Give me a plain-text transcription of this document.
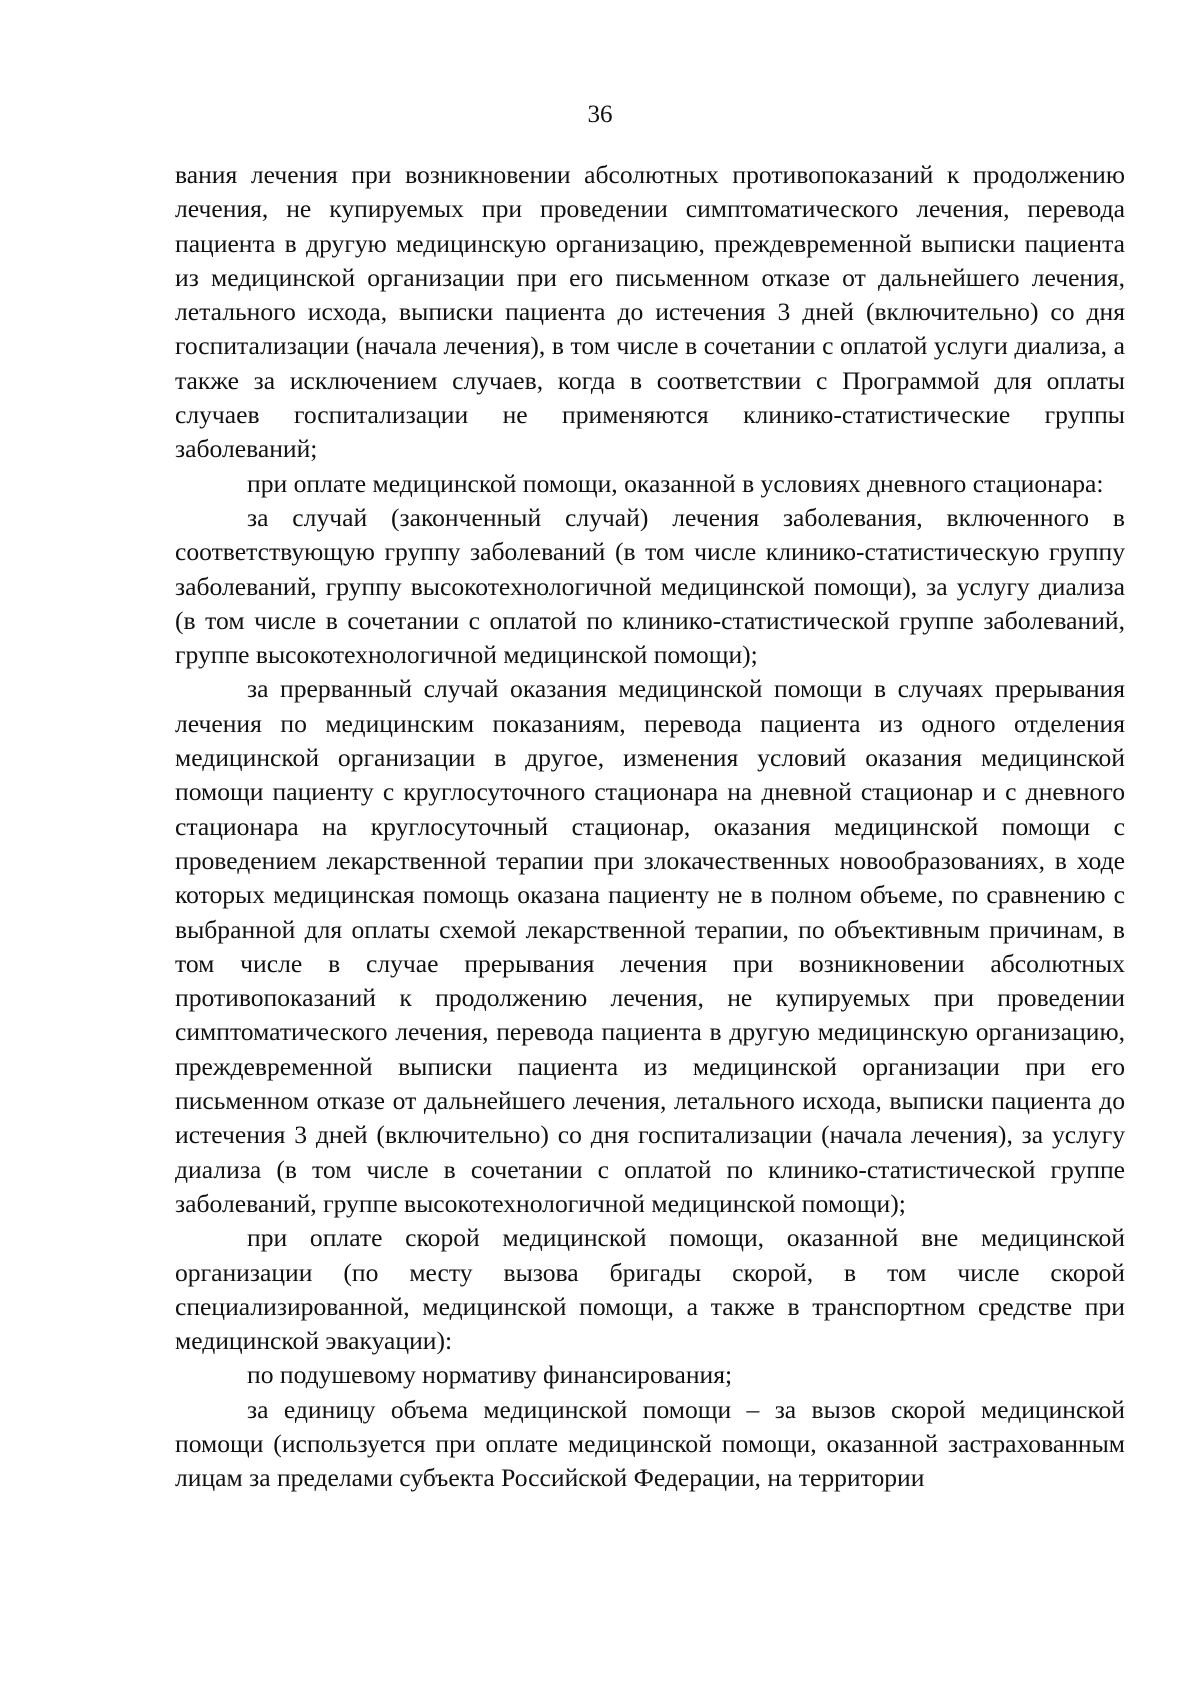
36

вания лечения при возникновении абсолютных противопоказаний к продолжению лечения, не купируемых при проведении симптоматического лечения, перевода пациента в другую медицинскую организацию, преждевременной выписки пациента из медицинской организации при его письменном отказе от дальнейшего лечения, летального исхода, выписки пациента до истечения 3 дней (включительно) со дня госпитализации (начала лечения), в том числе в сочетании с оплатой услуги диализа, а также за исключением случаев, когда в соответствии с Программой для оплаты случаев госпитализации не применяются клинико-статистические группы заболеваний;

при оплате медицинской помощи, оказанной в условиях дневного стационара:

за случай (законченный случай) лечения заболевания, включенного в соответствующую группу заболеваний (в том числе клинико-статистическую группу заболеваний, группу высокотехнологичной медицинской помощи), за услугу диализа (в том числе в сочетании с оплатой по клинико-статистической группе заболеваний, группе высокотехнологичной медицинской помощи);

за прерванный случай оказания медицинской помощи в случаях прерывания лечения по медицинским показаниям, перевода пациента из одного отделения медицинской организации в другое, изменения условий оказания медицинской помощи пациенту с круглосуточного стационара на дневной стационар и с дневного стационара на круглосуточный стационар, оказания медицинской помощи с проведением лекарственной терапии при злокачественных новообразованиях, в ходе которых медицинская помощь оказана пациенту не в полном объеме, по сравнению с выбранной для оплаты схемой лекарственной терапии, по объективным причинам, в том числе в случае прерывания лечения при возникновении абсолютных противопоказаний к продолжению лечения, не купируемых при проведении симптоматического лечения, перевода пациента в другую медицинскую организацию, преждевременной выписки пациента из медицинской организации при его письменном отказе от дальнейшего лечения, летального исхода, выписки пациента до истечения 3 дней (включительно) со дня госпитализации (начала лечения), за услугу диализа (в том числе в сочетании с оплатой по клинико-статистической группе заболеваний, группе высокотехнологичной медицинской помощи);

при оплате скорой медицинской помощи, оказанной вне медицинской организации (по месту вызова бригады скорой, в том числе скорой специализированной, медицинской помощи, а также в транспортном средстве при медицинской эвакуации):

по подушевому нормативу финансирования;

за единицу объема медицинской помощи – за вызов скорой медицинской помощи (используется при оплате медицинской помощи, оказанной застрахованным лицам за пределами субъекта Российской Федерации, на территории
